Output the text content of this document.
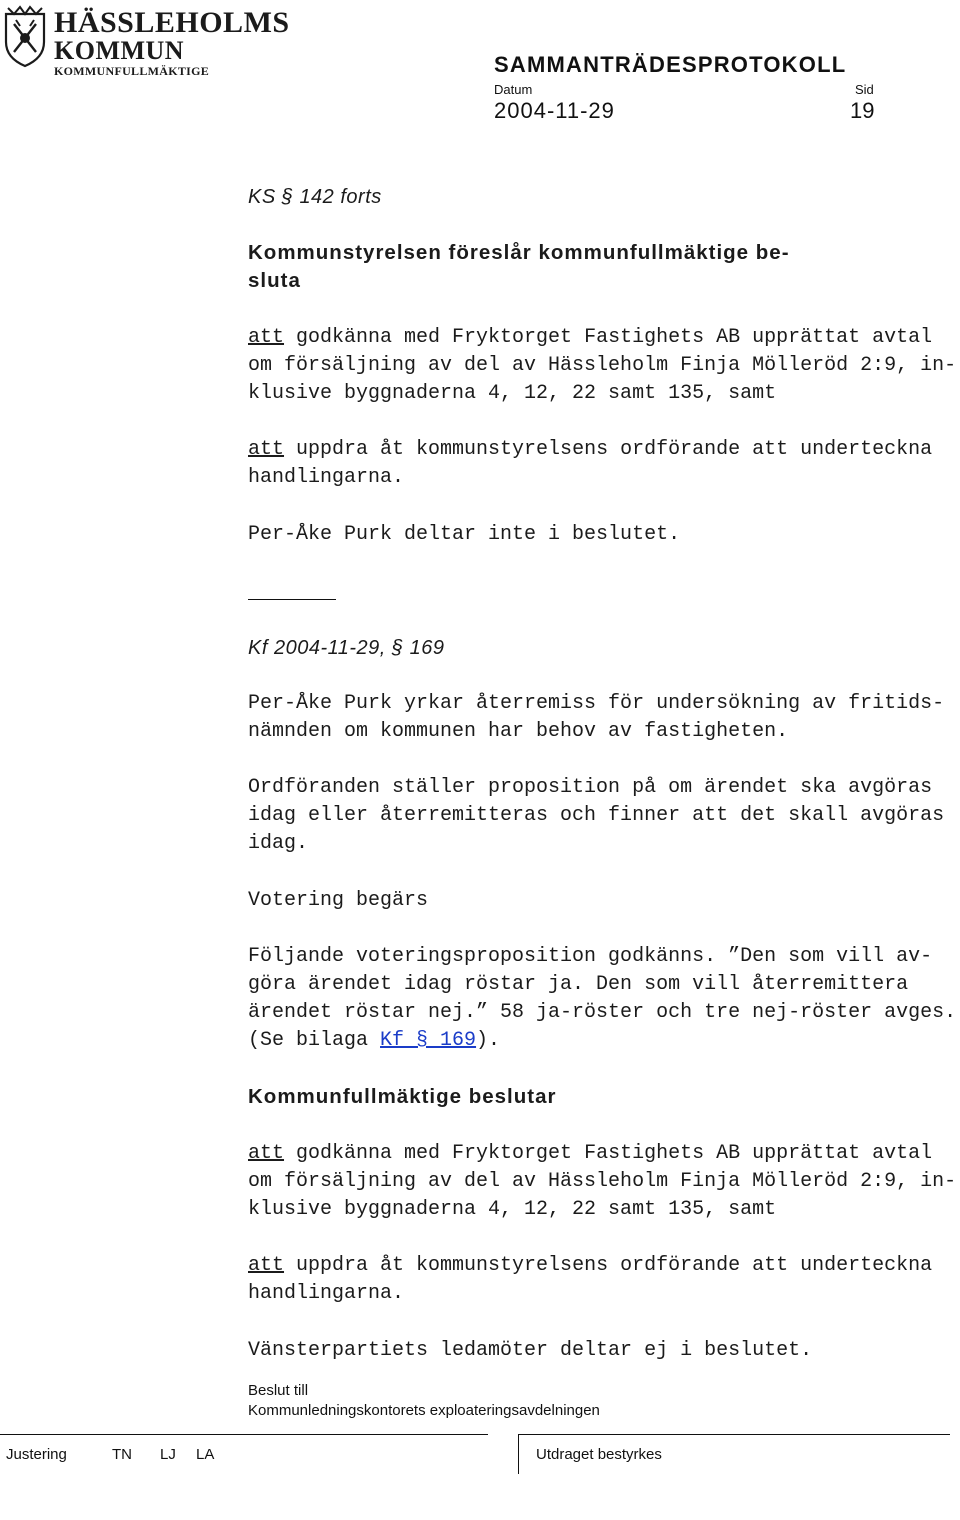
HÄSSLEHOLMS
KOMMUN
KOMMUNFULLMÄKTIGE	SAMMANTRÄDESPROTOKOLL
Datum	Sid
2004-11-29	19

KS § 142 forts

Kommunstyrelsen föreslår kommunfullmäktige be-

sluta

att godkänna med Fryktorget Fastighets AB upprättat avtal

om försäljning av del av Hässleholm Finja Mölleröd 2:9, in-

klusive byggnaderna 4, 12, 22 samt 135, samt

att uppdra åt kommunstyrelsens ordförande att underteckna

handlingarna.

Per-Åke Purk deltar inte i beslutet.

Kf 2004-11-29, § 169

Per-Åke Purk yrkar återremiss för undersökning av fritids-

nämnden om kommunen har behov av fastigheten.

Ordföranden ställer proposition på om ärendet ska avgöras

idag eller återremitteras och finner att det skall avgöras

idag.

Votering begärs

Följande voteringsproposition godkänns. ”Den som vill av-

göra ärendet idag röstar ja. Den som vill återremittera

ärendet röstar nej.” 58 ja-röster och tre nej-röster avges.

(Se bilaga Kf § 169).

Kommunfullmäktige beslutar

att godkänna med Fryktorget Fastighets AB upprättat avtal

om försäljning av del av Hässleholm Finja Mölleröd 2:9, in-

klusive byggnaderna 4, 12, 22 samt 135, samt

att uppdra åt kommunstyrelsens ordförande att underteckna

handlingarna.

Vänsterpartiets ledamöter deltar ej i beslutet.

Beslut till
Kommunledningskontorets exploateringsavdelningen
Justering	TN LJ LA	Utdraget bestyrkes
